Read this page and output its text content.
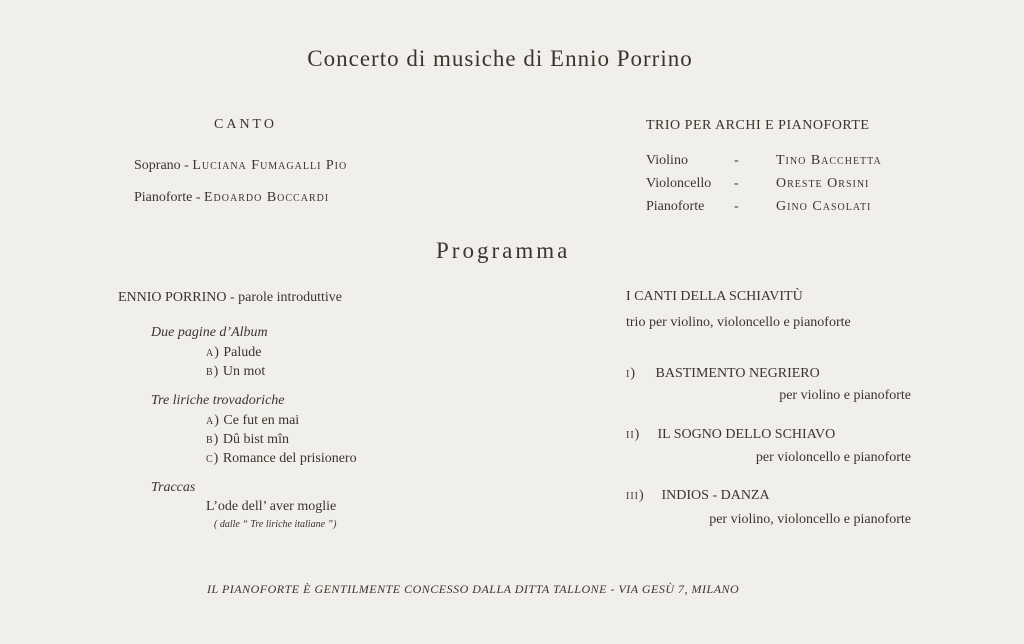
Concerto di musiche di Ennio Porrino
CANTO
Soprano - Luciana Fumagalli Pio
Pianoforte - Edoardo Boccardi
TRIO PER ARCHI E PIANOFORTE
Violino	-	Tino Bacchetta
Violoncello -	Oreste Orsini
Pianoforte -	Gino Casolati
Programma
ENNIO PORRINO - parole introduttive
Due pagine d’Album
a) Palude
b) Un mot
Tre liriche trovadoriche
a) Ce fut en mai
b) Dû bist mîn
c) Romance del prisionero
Traccas
L’ode dell’ aver moglie
( dalle “ Tre liriche italiane ”)
I CANTI DELLA SCHIAVITÙ
trio per violino, violoncello e pianoforte
i) BASTIMENTO NEGRIERO
per violino e pianoforte
ii) IL SOGNO DELLO SCHIAVO
per violoncello e pianoforte
iii) INDIOS - DANZA
per violino, violoncello e pianoforte
IL PIANOFORTE È GENTILMENTE CONCESSO DALLA DITTA TALLONE - VIA GESÙ 7, MILANO
